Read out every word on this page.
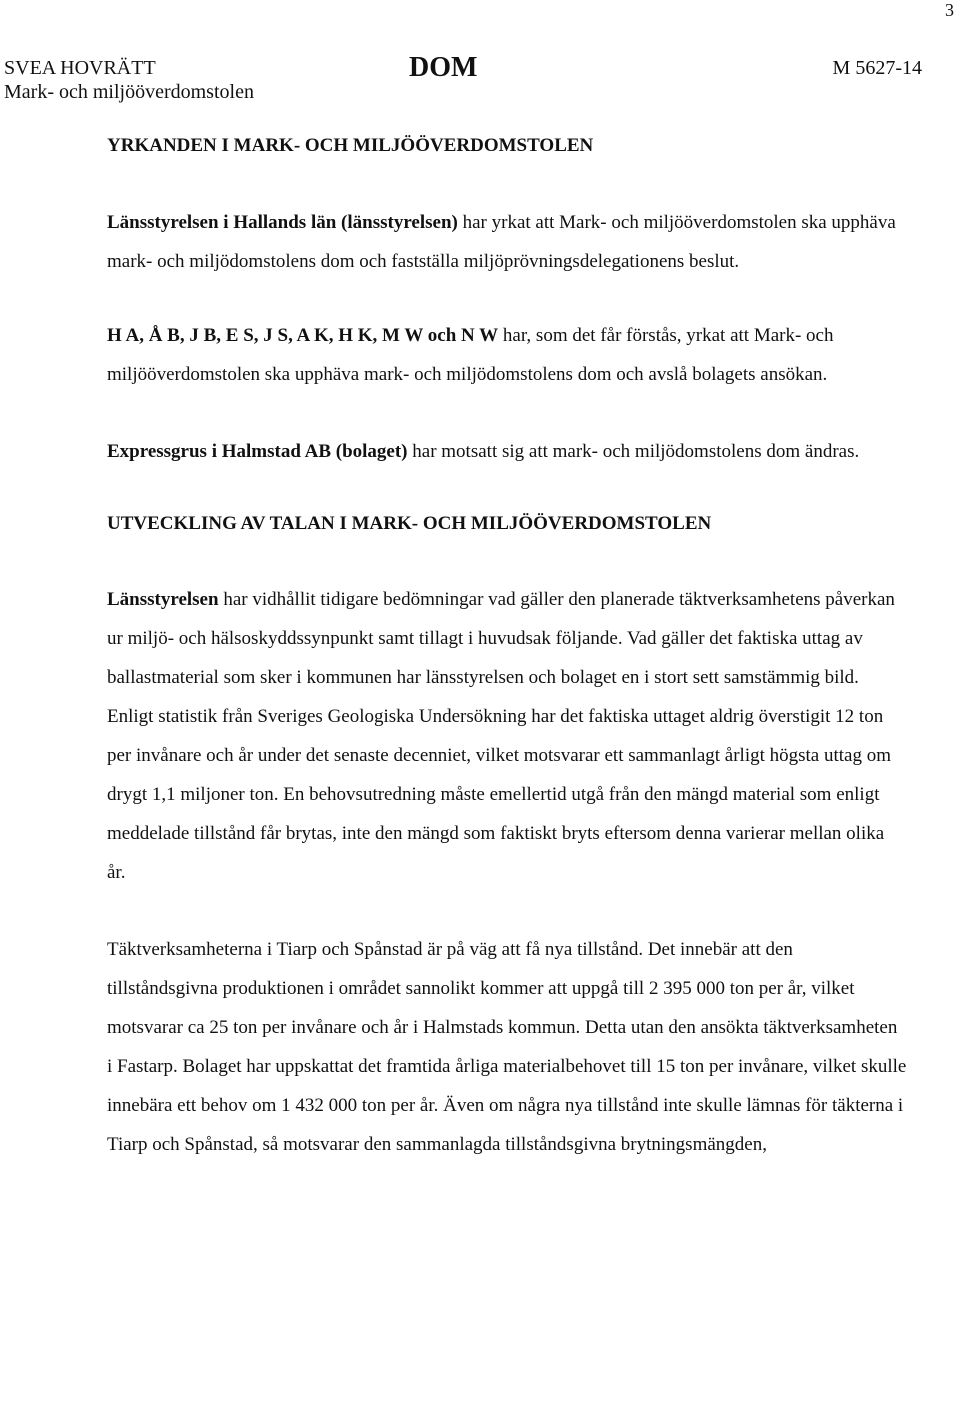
3
SVEA HOVRÄTT
Mark- och miljööverdomstolen
DOM	M 5627-14

YRKANDEN I MARK- OCH MILJÖÖVERDOMSTOLEN

Länsstyrelsen i Hallands län (länsstyrelsen) har yrkat att Mark- och miljööverdomstolen ska upphäva mark- och miljödomstolens dom och fastställa miljöprövningsdelegationens beslut.

H A, Å B, J B, E S, J S, A K, H K, M W och N W har, som det får förstås, yrkat att Mark- och miljööverdomstolen ska upphäva mark- och miljödomstolens dom och avslå bolagets ansökan.

Expressgrus i Halmstad AB (bolaget) har motsatt sig att mark- och miljödomstolens dom ändras.

UTVECKLING AV TALAN I MARK- OCH MILJÖÖVERDOMSTOLEN

Länsstyrelsen har vidhållit tidigare bedömningar vad gäller den planerade täktverksamhetens påverkan ur miljö- och hälsoskyddssynpunkt samt tillagt i huvudsak följande. Vad gäller det faktiska uttag av ballastmaterial som sker i kommunen har länsstyrelsen och bolaget en i stort sett samstämmig bild. Enligt statistik från Sveriges Geologiska Undersökning har det faktiska uttaget aldrig överstigit 12 ton per invånare och år under det senaste decenniet, vilket motsvarar ett sammanlagt årligt högsta uttag om drygt 1,1 miljoner ton. En behovsutredning måste emellertid utgå från den mängd material som enligt meddelade tillstånd får brytas, inte den mängd som faktiskt bryts eftersom denna varierar mellan olika år.

Täktverksamheterna i Tiarp och Spånstad är på väg att få nya tillstånd. Det innebär att den tillståndsgivna produktionen i området sannolikt kommer att uppgå till 2 395 000 ton per år, vilket motsvarar ca 25 ton per invånare och år i Halmstads kommun. Detta utan den ansökta täktverksamheten i Fastarp. Bolaget har uppskattat det framtida årliga materialbehovet till 15 ton per invånare, vilket skulle innebära ett behov om 1 432 000 ton per år. Även om några nya tillstånd inte skulle lämnas för täkterna i Tiarp och Spånstad, så motsvarar den sammanlagda tillståndsgivna brytningsmängden,
